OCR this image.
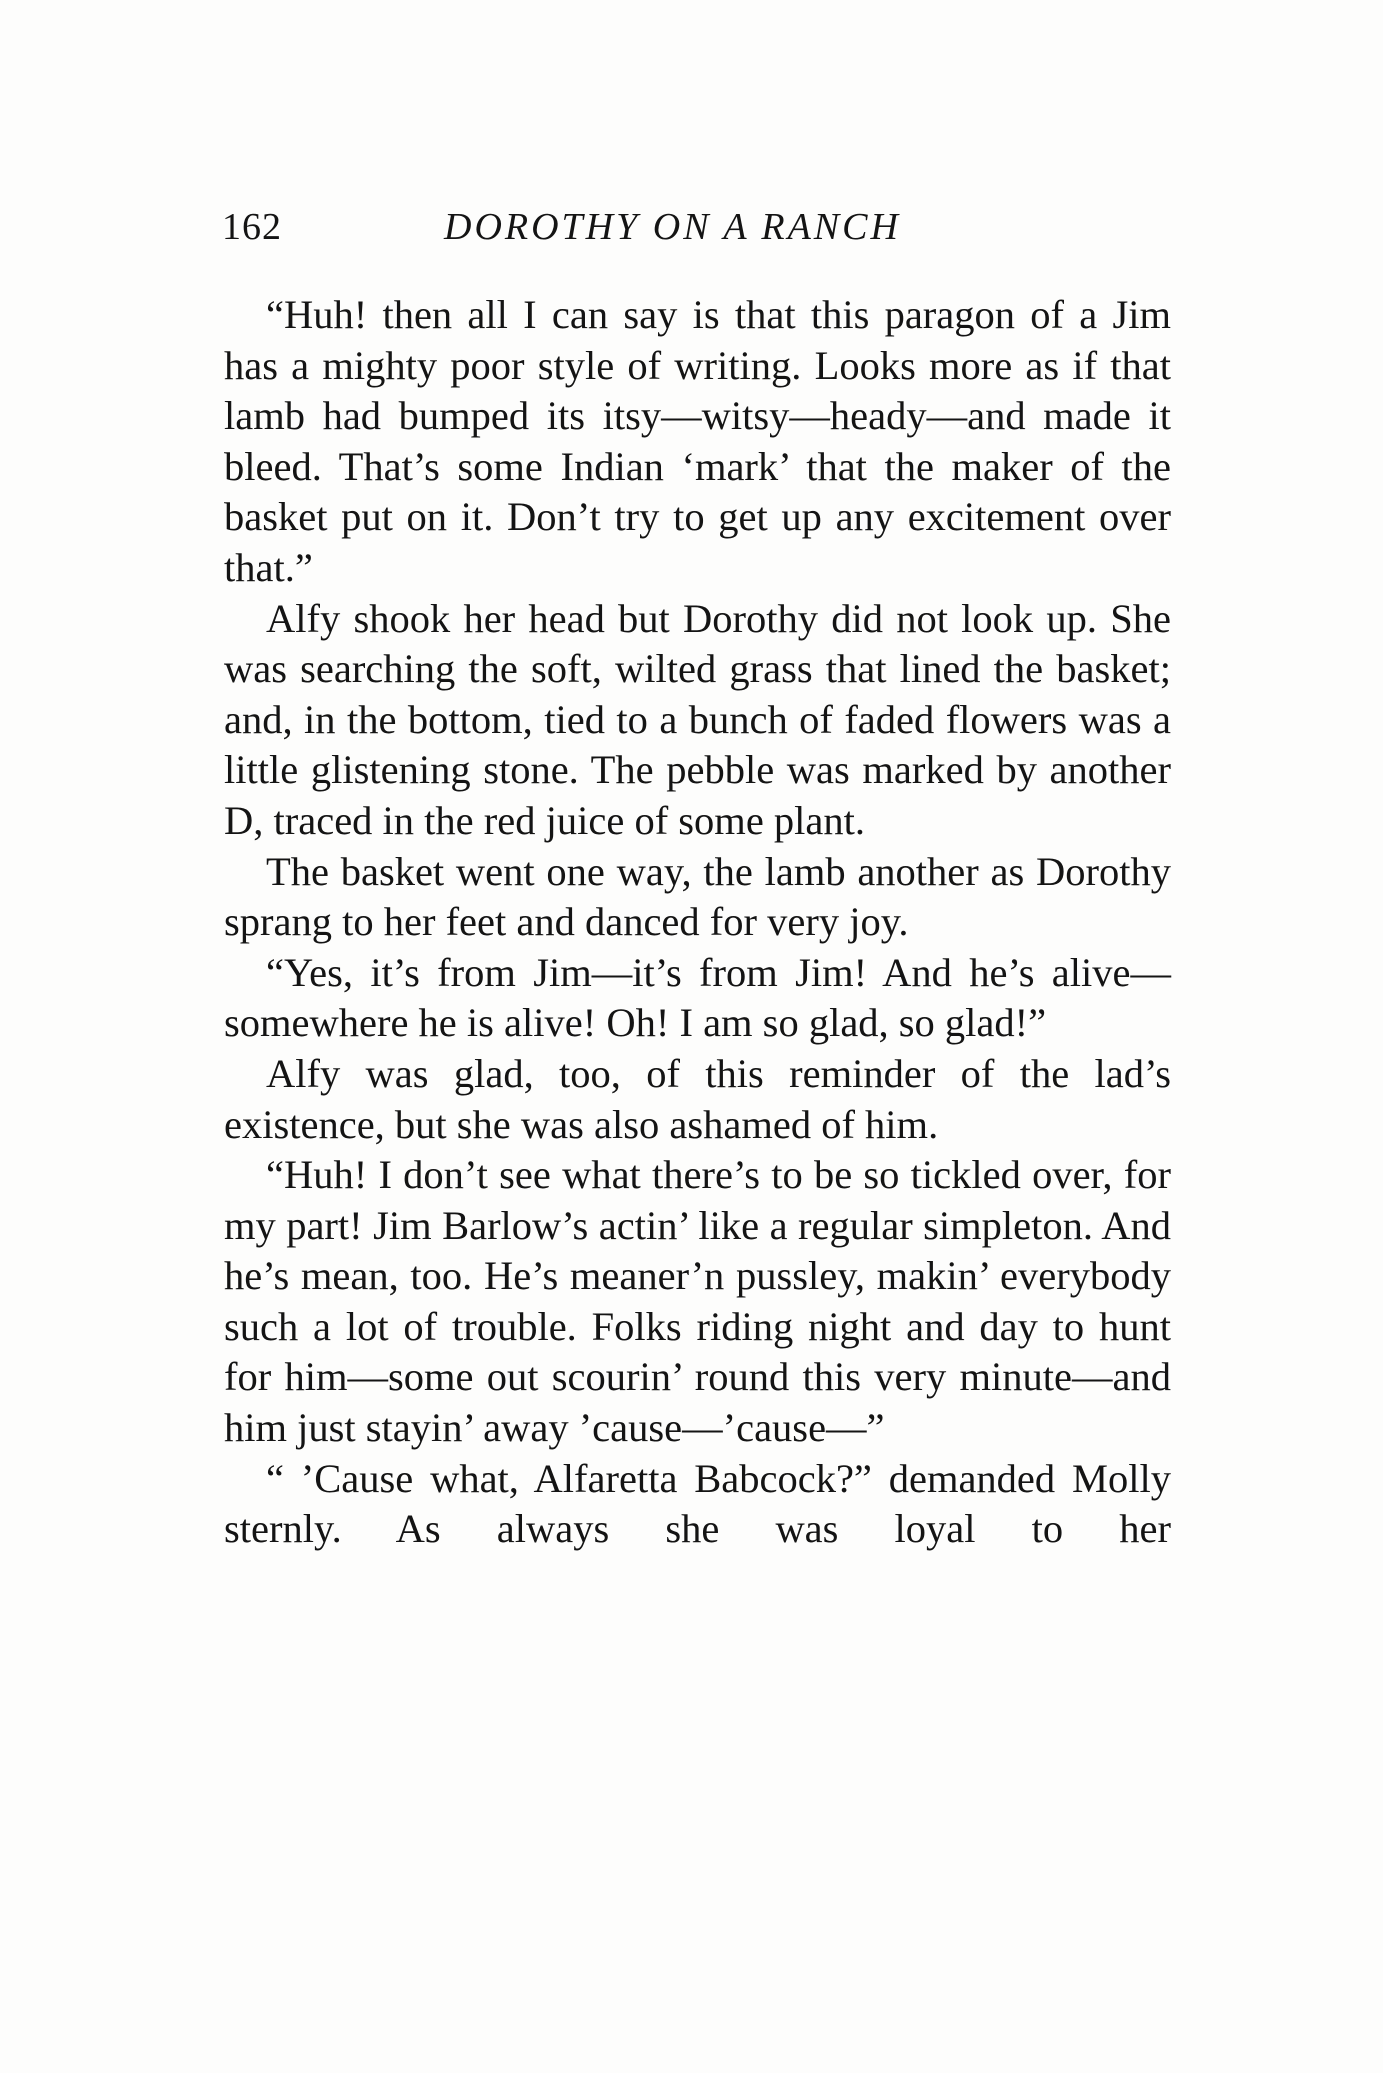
162	DOROTHY ON A RANCH

“Huh! then all I can say is that this paragon of a Jim has a mighty poor style of writing. Looks more as if that lamb had bumped its itsy—witsy—heady—and made it bleed. That’s some Indian ‘mark’ that the maker of the basket put on it. Don’t try to get up any excitement over that.”

Alfy shook her head but Dorothy did not look up. She was searching the soft, wilted grass that lined the basket; and, in the bottom, tied to a bunch of faded flowers was a little glistening stone. The pebble was marked by another D, traced in the red juice of some plant.

The basket went one way, the lamb another as Dorothy sprang to her feet and danced for very joy.

“Yes, it’s from Jim—it’s from Jim! And he’s alive—somewhere he is alive! Oh! I am so glad, so glad!”

Alfy was glad, too, of this reminder of the lad’s existence, but she was also ashamed of him.

“Huh! I don’t see what there’s to be so tickled over, for my part! Jim Barlow’s actin’ like a regular simpleton. And he’s mean, too. He’s meaner’n pussley, makin’ everybody such a lot of trouble. Folks riding night and day to hunt for him—some out scourin’ round this very minute—and him just stayin’ away ’cause—’cause—”

“ ’Cause what, Alfaretta Babcock?” demanded Molly sternly. As always she was loyal to her
